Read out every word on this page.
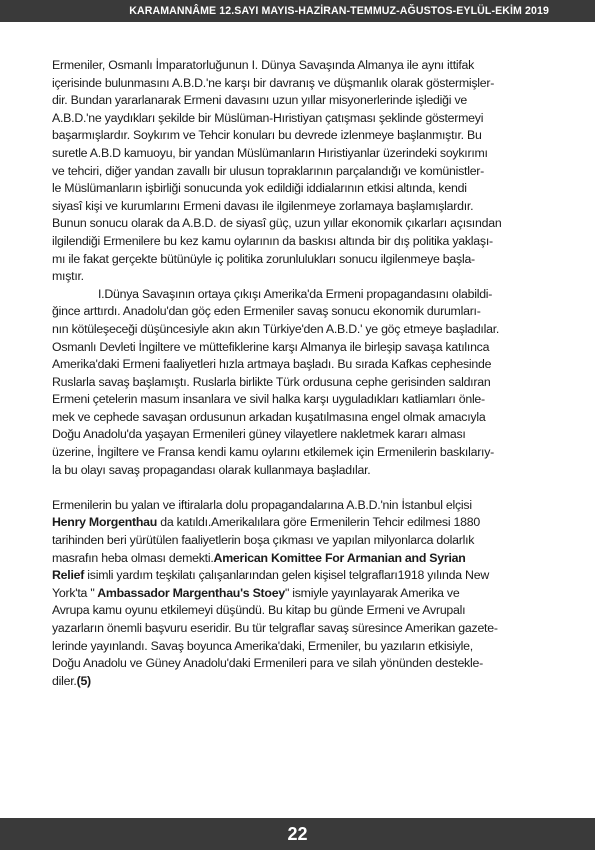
KARAMANNÂME 12.SAYI MAYIS-HAZİRAN-TEMMUZ-AĞUSTOS-EYLÜL-EKİM 2019
Ermeniler, Osmanlı İmparatorluğunun I. Dünya Savaşında Almanya ile aynı ittifak
içerisinde bulunmasını A.B.D.'ne karşı bir davranış ve düşmanlık olarak göstermişler-
dir. Bundan yararlanarak Ermeni davasını uzun yıllar misyonerlerinde işlediği ve
A.B.D.'ne yaydıkları şekilde bir Müslüman-Hıristiyan çatışması şeklinde göstermeyi
başarmışlardır. Soykırım ve Tehcir konuları bu devrede izlenmeye başlanmıştır. Bu
suretle A.B.D kamuoyu, bir yandan Müslümanların Hıristiyanlar üzerindeki soykırımı
ve tehciri, diğer yandan zavallı bir ulusun topraklarının parçalandığı ve komünistler-
le Müslümanların işbirliği sonucunda yok edildiği iddialarının etkisi altında, kendi
siyasî kişi ve kurumlarını Ermeni davası ile ilgilenmeye zorlamaya başlamışlardır.
Bunun sonucu olarak da A.B.D. de siyasî güç, uzun yıllar ekonomik çıkarları açısından
ilgilendiği Ermenilere bu kez kamu oylarının da baskısı altında bir dış politika yaklaşı-
mı ile fakat gerçekte bütünüyle iç politika zorunlulukları sonucu ilgilenmeye başla-
mıştır.
I.Dünya Savaşının ortaya çıkışı Amerika'da Ermeni propagandasını olabildi-
ğince arttırdı. Anadolu'dan göç eden Ermeniler savaş sonucu ekonomik durumları-
nın kötüleşeceği düşüncesiyle akın akın Türkiye'den A.B.D.' ye göç etmeye başladılar.
Osmanlı Devleti İngiltere ve müttefiklerine karşı Almanya ile birleşip savaşa katılınca
Amerika'daki Ermeni faaliyetleri hızla artmaya başladı. Bu sırada Kafkas cephesinde
Ruslarla savaş başlamıştı. Ruslarla birlikte Türk ordusuna cephe gerisinden saldıran
Ermeni çetelerin masum insanlara ve sivil halka karşı uyguladıkları katliamları önle-
mek ve cephede savaşan ordusunun arkadan kuşatılmasına engel olmak amacıyla
Doğu Anadolu'da yaşayan Ermenileri güney vilayetlere nakletmek kararı alması
üzerine, İngiltere ve Fransa kendi kamu oylarını etkilemek için Ermenilerin baskılarıy-
la bu olayı savaş propagandası olarak kullanmaya başladılar.
Ermenilerin bu yalan ve iftiralarla dolu propagandalarına A.B.D.'nin İstanbul elçisi
Henry Morgenthau da katıldı.Amerikalılara göre Ermenilerin Tehcir edilmesi 1880
tarihinden beri yürütülen faaliyetlerin boşa çıkması ve yapılan milyonlarca dolarlık
masrafın heba olması demekti.American Komittee For Armanian and Syrian
Relief isimli yardım teşkilatı çalışanlarından gelen kişisel telgrafları1918 yılında New
York'ta " Ambassador Margenthau's Stoey" ismiyle yayınlayarak Amerika ve
Avrupa kamu oyunu etkilemeyi düşündü. Bu kitap bu günde Ermeni ve Avrupalı
yazarların önemli başvuru eseridir. Bu tür telgraflar savaş süresince Amerikan gazete-
lerinde yayınlandı. Savaş boyunca Amerika'daki, Ermeniler, bu yazıların etkisiyle,
Doğu Anadolu ve Güney Anadolu'daki Ermenileri para ve silah yönünden destekle-
diler.(5)
22
